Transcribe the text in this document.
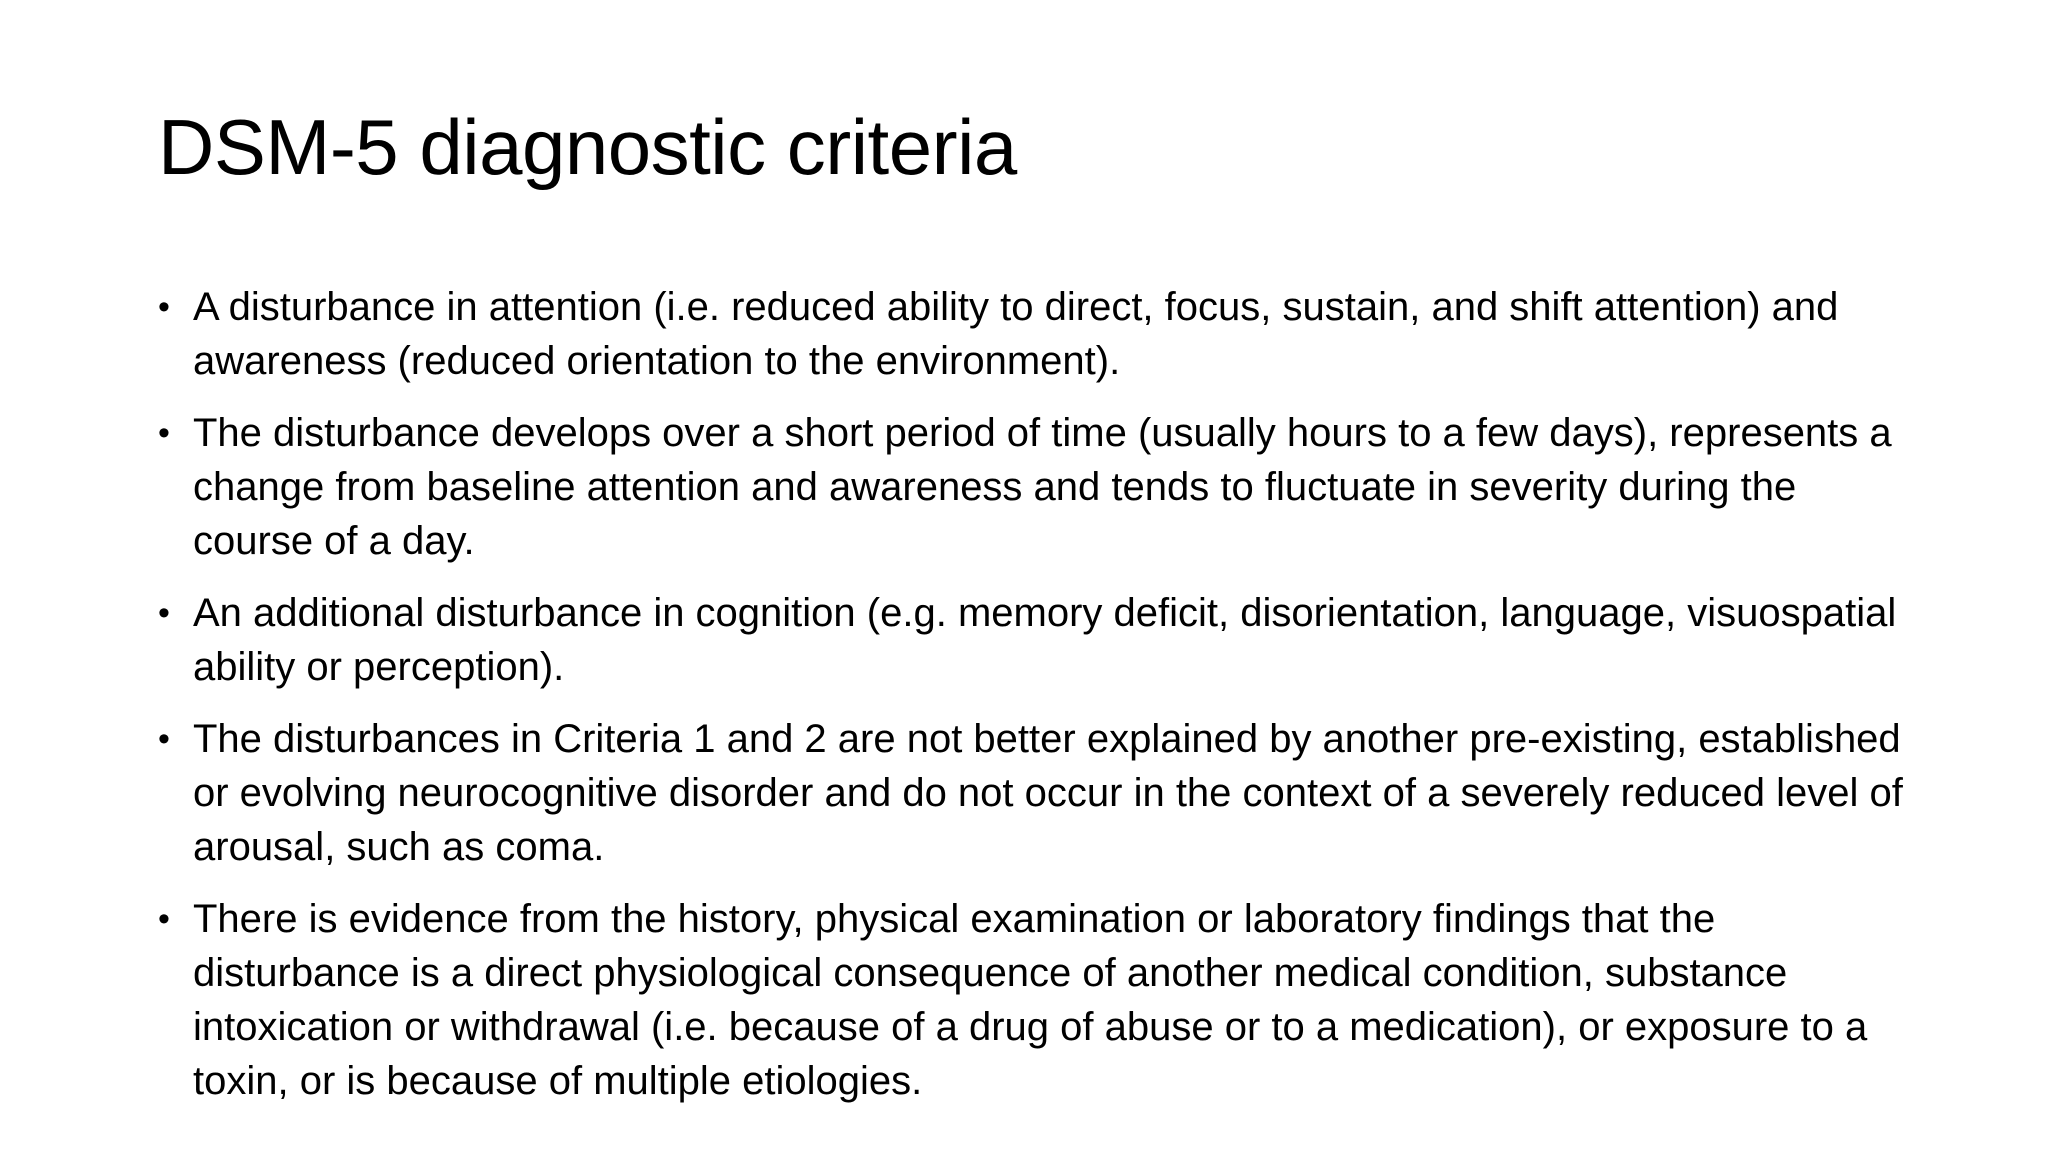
DSM-5 diagnostic criteria
• A disturbance in attention (i.e. reduced ability to direct, focus, sustain, and shift attention) and awareness (reduced orientation to the environment).
• The disturbance develops over a short period of time (usually hours to a few days), represents a change from baseline attention and awareness and tends to fluctuate in severity during the course of a day.
• An additional disturbance in cognition (e.g. memory deficit, disorientation, language, visuospatial ability or perception).
• The disturbances in Criteria 1 and 2 are not better explained by another pre-existing, established or evolving neurocognitive disorder and do not occur in the context of a severely reduced level of arousal, such as coma.
• There is evidence from the history, physical examination or laboratory findings that the disturbance is a direct physiological consequence of another medical condition, substance intoxication or withdrawal (i.e. because of a drug of abuse or to a medication), or exposure to a toxin, or is because of multiple etiologies.
